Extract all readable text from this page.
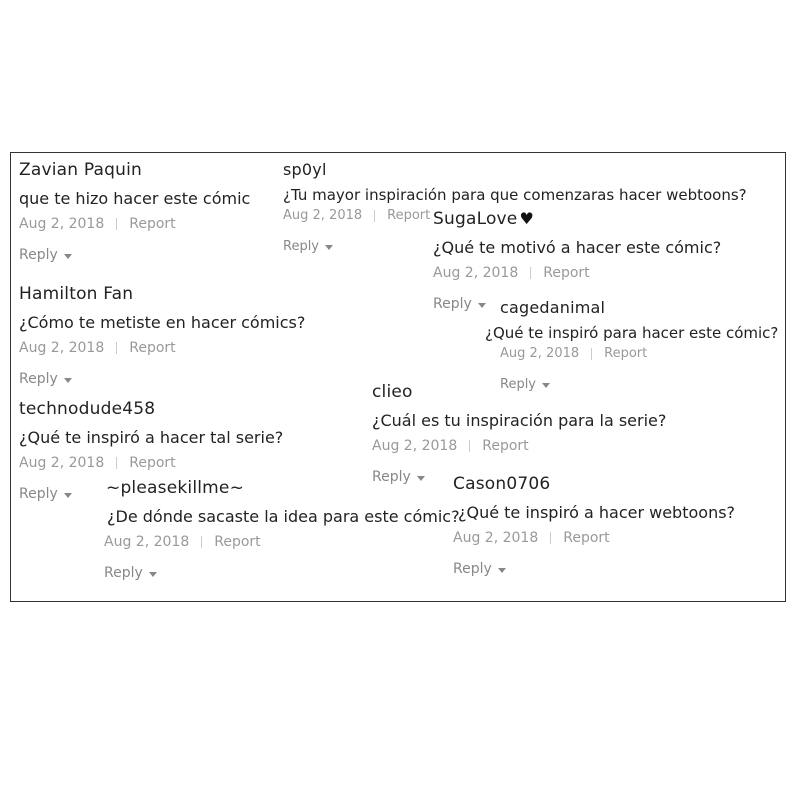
Zavian Paquin
que te hizo hacer este cómic
Aug 2, 2018 Report
Reply
sp0yl
¿Tu mayor inspiración para que comenzaras hacer webtoons?
Aug 2, 2018 Report
Reply
SugaLove ♥
¿Qué te motivó a hacer este cómic?
Aug 2, 2018 Report
Reply
Hamilton Fan
¿Cómo te metiste en hacer cómics?
Aug 2, 2018 Report
Reply
cagedanimal
¿Qué te inspiró para hacer este cómic?
Aug 2, 2018 Report
Reply
clieo
¿Cuál es tu inspiración para la serie?
Aug 2, 2018 Report
Reply
technodude458
¿Qué te inspiró a hacer tal serie?
Aug 2, 2018 Report
Reply	~pleasekillme~
¿De dónde sacaste la idea para este cómic?
Aug 2, 2018 Report
Reply
Cason0706
¿Qué te inspiró a hacer webtoons?
Aug 2, 2018 Report
Reply
